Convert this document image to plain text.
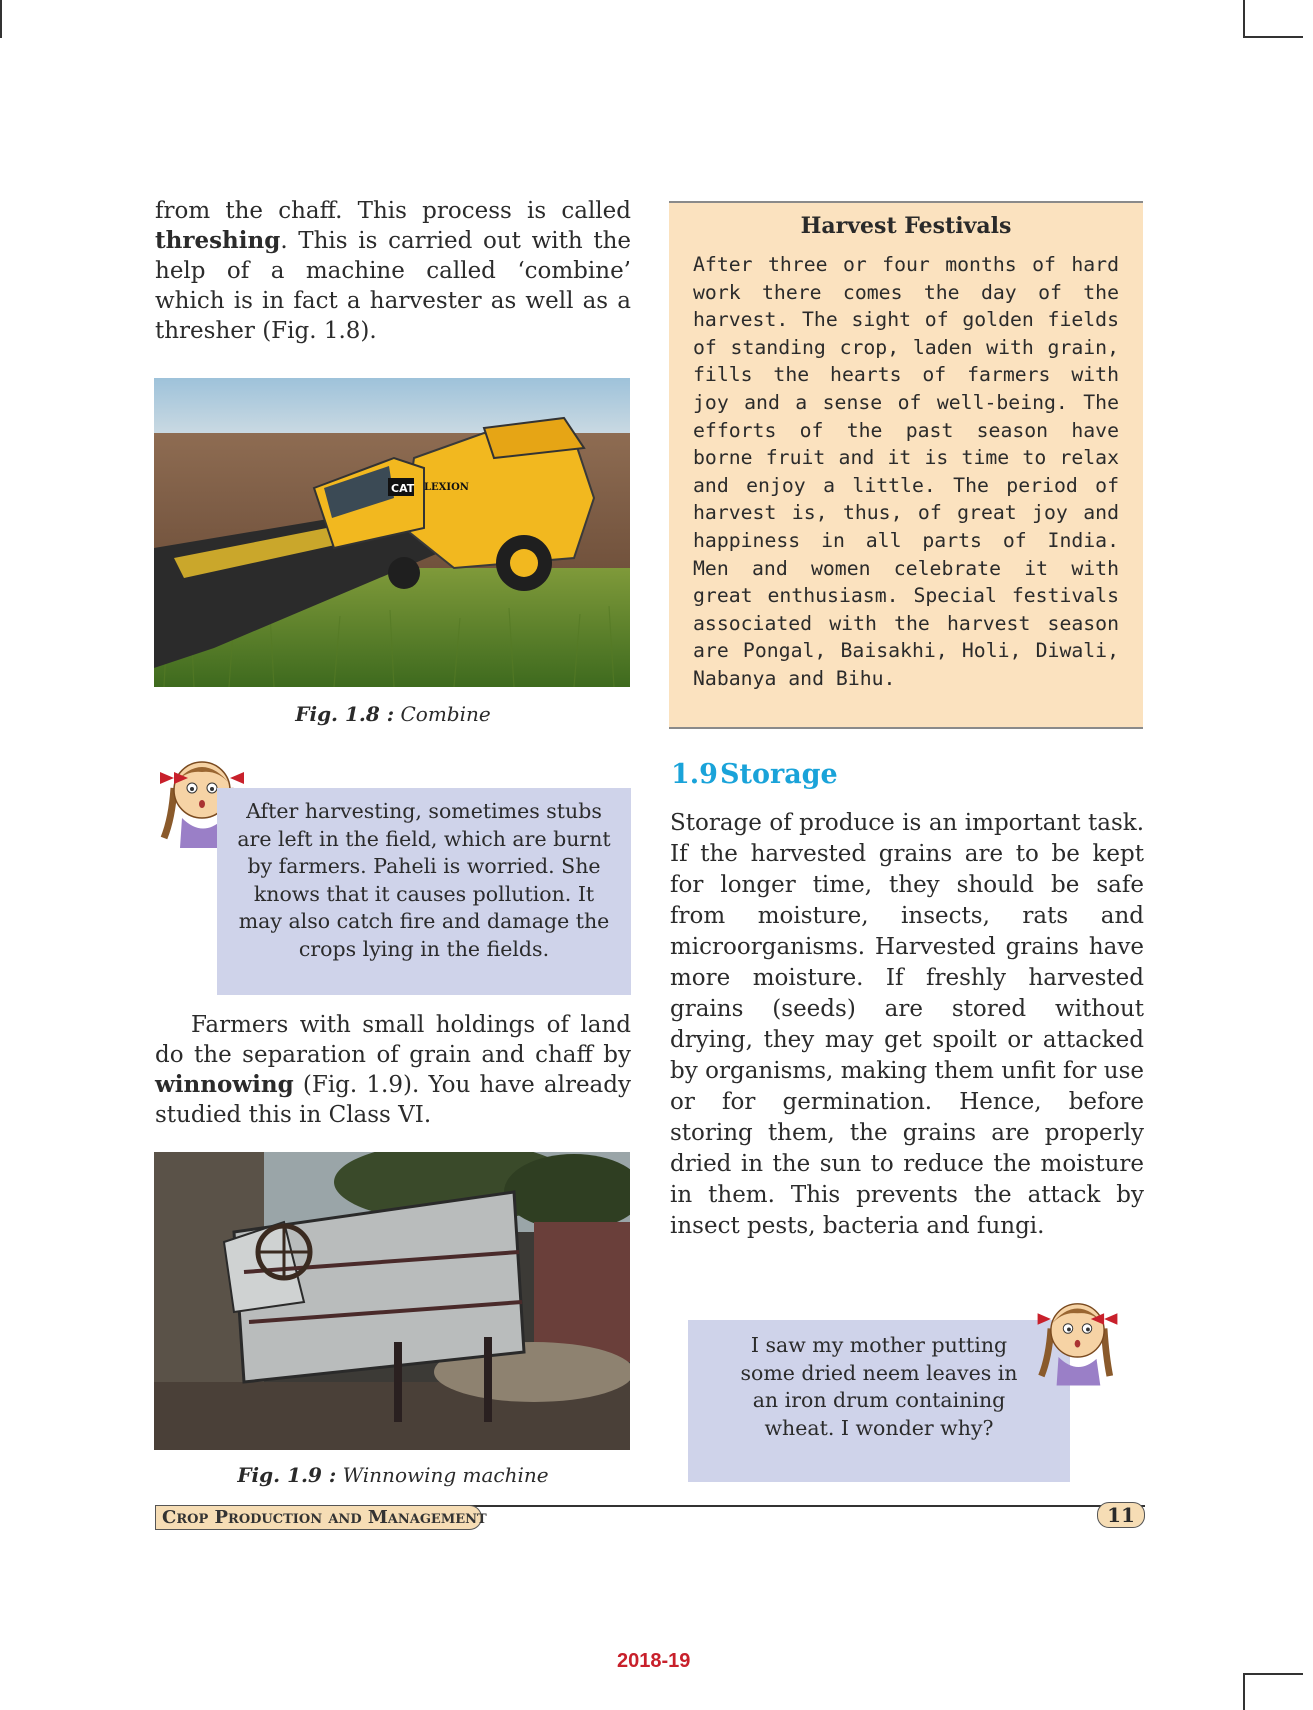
from the chaff. This process is called threshing. This is carried out with the help of a machine called ‘combine’ which is in fact a harvester as well as a thresher (Fig. 1.8).
CAT LEXION
Fig. 1.8 : Combine
After harvesting, sometimes stubs are left in the field, which are burnt by farmers. Paheli is worried. She knows that it causes pollution. It may also catch fire and damage the crops lying in the fields.
Farmers with small holdings of land do the separation of grain and chaff by winnowing (Fig. 1.9). You have already studied this in Class VI.
Fig. 1.9 : Winnowing machine
Harvest Festivals
After three or four months of hard work there comes the day of the harvest. The sight of golden fields of standing crop, laden with grain, fills the hearts of farmers with joy and a sense of well-being. The efforts of the past season have borne fruit and it is time to relax and enjoy a little. The period of harvest is, thus, of great joy and happiness in all parts of India. Men and women celebrate it with great enthusiasm. Special festivals associated with the harvest season are Pongal, Baisakhi, Holi, Diwali, Nabanya and Bihu.
1.9Storage
Storage of produce is an important task. If the harvested grains are to be kept for longer time, they should be safe from moisture, insects, rats and microorganisms. Harvested grains have more moisture. If freshly harvested grains (seeds) are stored without drying, they may get spoilt or attacked by organisms, making them unfit for use or for germination. Hence, before storing them, the grains are properly dried in the sun to reduce the moisture in them. This prevents the attack by insect pests, bacteria and fungi.
I saw my mother putting some dried neem leaves in an iron drum containing wheat. I wonder why?
Crop Production and Management	11
2018-19
